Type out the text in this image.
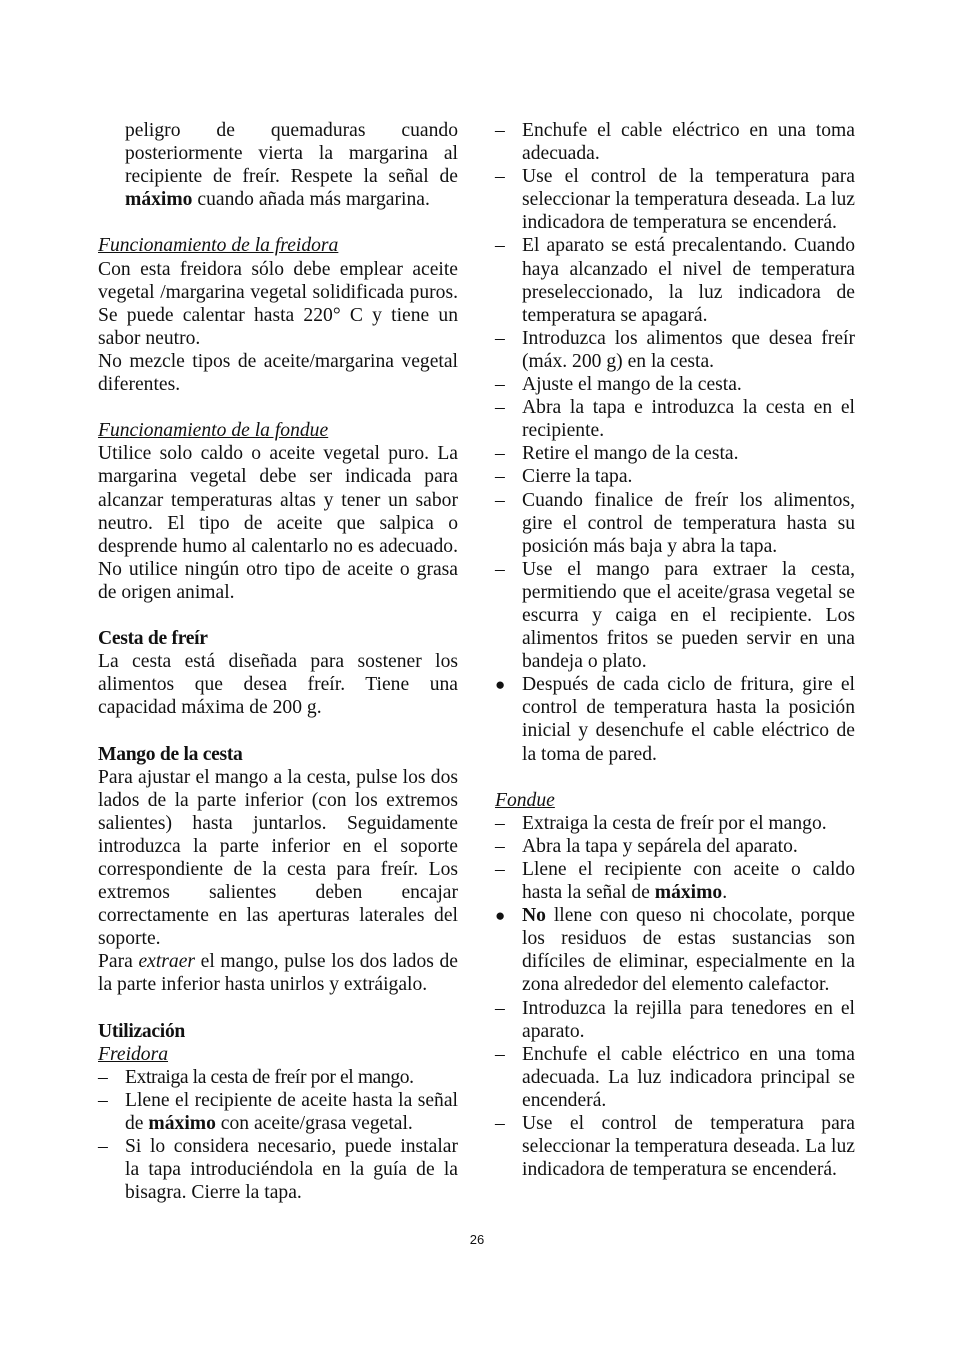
peligro de quemaduras cuando posteriormente vierta la margarina al recipiente de freír. Respete la señal de máximo cuando añada más margarina.

Funcionamiento de la freidora

Con esta freidora sólo debe emplear aceite vegetal /margarina vegetal solidificada puros. Se puede calentar hasta 220° C y tiene un sabor neutro.

No mezcle tipos de aceite/margarina vegetal diferentes.

Funcionamiento de la fondue

Utilice solo caldo o aceite vegetal puro. La margarina vegetal debe ser indicada para alcanzar temperaturas altas y tener un sabor neutro. El tipo de aceite que salpica o desprende humo al calentarlo no es adecuado. No utilice ningún otro tipo de aceite o grasa de origen animal.

Cesta de freír

La cesta está diseñada para sostener los alimentos que desea freír. Tiene una capacidad máxima de 200 g.

Mango de la cesta

Para ajustar el mango a la cesta, pulse los dos lados de la parte inferior (con los extremos salientes) hasta juntarlos. Seguidamente introduzca la parte inferior en el soporte correspondiente de la cesta para freír. Los extremos salientes deben encajar correctamente en las aperturas laterales del soporte.

Para extraer el mango, pulse los dos lados de la parte inferior hasta unirlos y extráigalo.

Utilización

Freidora

– Extraiga la cesta de freír por el mango.
– Llene el recipiente de aceite hasta la señal de máximo con aceite/grasa vegetal.
– Si lo considera necesario, puede instalar la tapa introduciéndola en la guía de la bisagra. Cierre la tapa.
– Enchufe el cable eléctrico en una toma adecuada.
– Use el control de la temperatura para seleccionar la temperatura deseada. La luz indicadora de temperatura se encenderá.
– El aparato se está precalentando. Cuando haya alcanzado el nivel de temperatura preseleccionado, la luz indicadora de temperatura se apagará.
– Introduzca los alimentos que desea freír (máx. 200 g) en la cesta.
– Ajuste el mango de la cesta.
– Abra la tapa e introduzca la cesta en el recipiente.
– Retire el mango de la cesta.
– Cierre la tapa.
– Cuando finalice de freír los alimentos, gire el control de temperatura hasta su posición más baja y abra la tapa.
– Use el mango para extraer la cesta, permitiendo que el aceite/grasa vegetal se escurra y caiga en el recipiente. Los alimentos fritos se pueden servir en una bandeja o plato.
● Después de cada ciclo de fritura, gire el control de temperatura hasta la posición inicial y desenchufe el cable eléctrico de la toma de pared.

Fondue

– Extraiga la cesta de freír por el mango.
– Abra la tapa y sepárela del aparato.
– Llene el recipiente con aceite o caldo hasta la señal de máximo.
● No llene con queso ni chocolate, porque los residuos de estas sustancias son difíciles de eliminar, especialmente en la zona alrededor del elemento calefactor.
– Introduzca la rejilla para tenedores en el aparato.
– Enchufe el cable eléctrico en una toma adecuada. La luz indicadora principal se encenderá.
– Use el control de temperatura para seleccionar la temperatura deseada. La luz indicadora de temperatura se encenderá.
26
